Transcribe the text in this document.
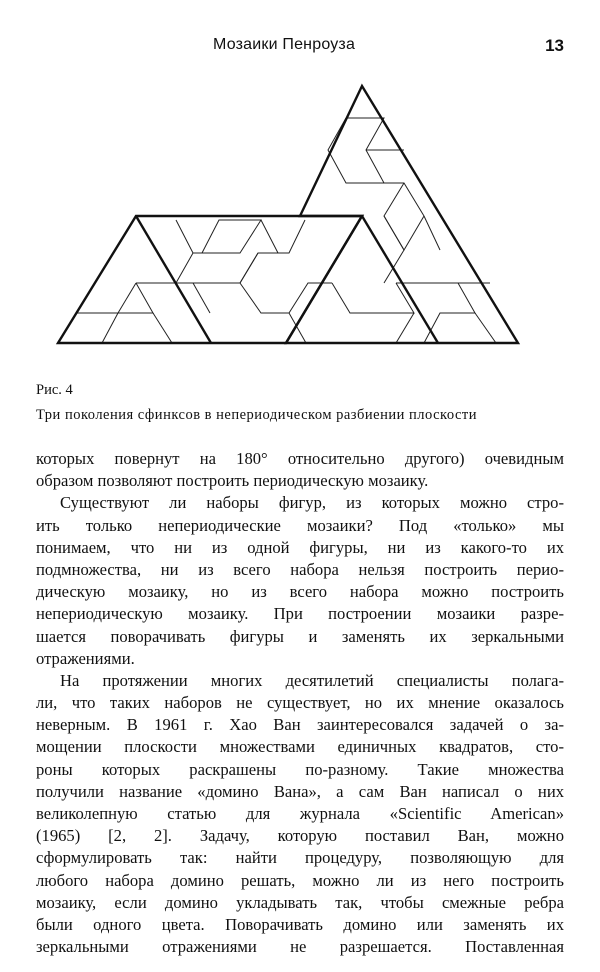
Мозаики Пенроуза	13
Рис. 4
Три поколения сфинксов в непериодическом разбиении плоскости
которых повернут на 180° относительно другого) очевидным
образом позволяют построить периодическую мозаику.
Существуют ли наборы фигур, из которых можно стро-
ить только непериодические мозаики? Под «только» мы
понимаем, что ни из одной фигуры, ни из какого-то их
подмножества, ни из всего набора нельзя построить перио-
дическую мозаику, но из всего набора можно построить
непериодическую мозаику. При построении мозаики разре-
шается поворачивать фигуры и заменять их зеркальными
отражениями.
На протяжении многих десятилетий специалисты полага-
ли, что таких наборов не существует, но их мнение оказалось
неверным. В 1961 г. Хао Ван заинтересовался задачей о за-
мощении плоскости множествами единичных квадратов, сто-
роны которых раскрашены по-разному. Такие множества
получили название «домино Вана», а сам Ван написал о них
великолепную статью для журнала «Scientific American»
(1965) [2, 2]. Задачу, которую поставил Ван, можно
сформулировать так: найти процедуру, позволяющую для
любого набора домино решать, можно ли из него построить
мозаику, если домино укладывать так, чтобы смежные ребра
были одного цвета. Поворачивать домино или заменять их
зеркальными отражениями не разрешается. Поставленная
